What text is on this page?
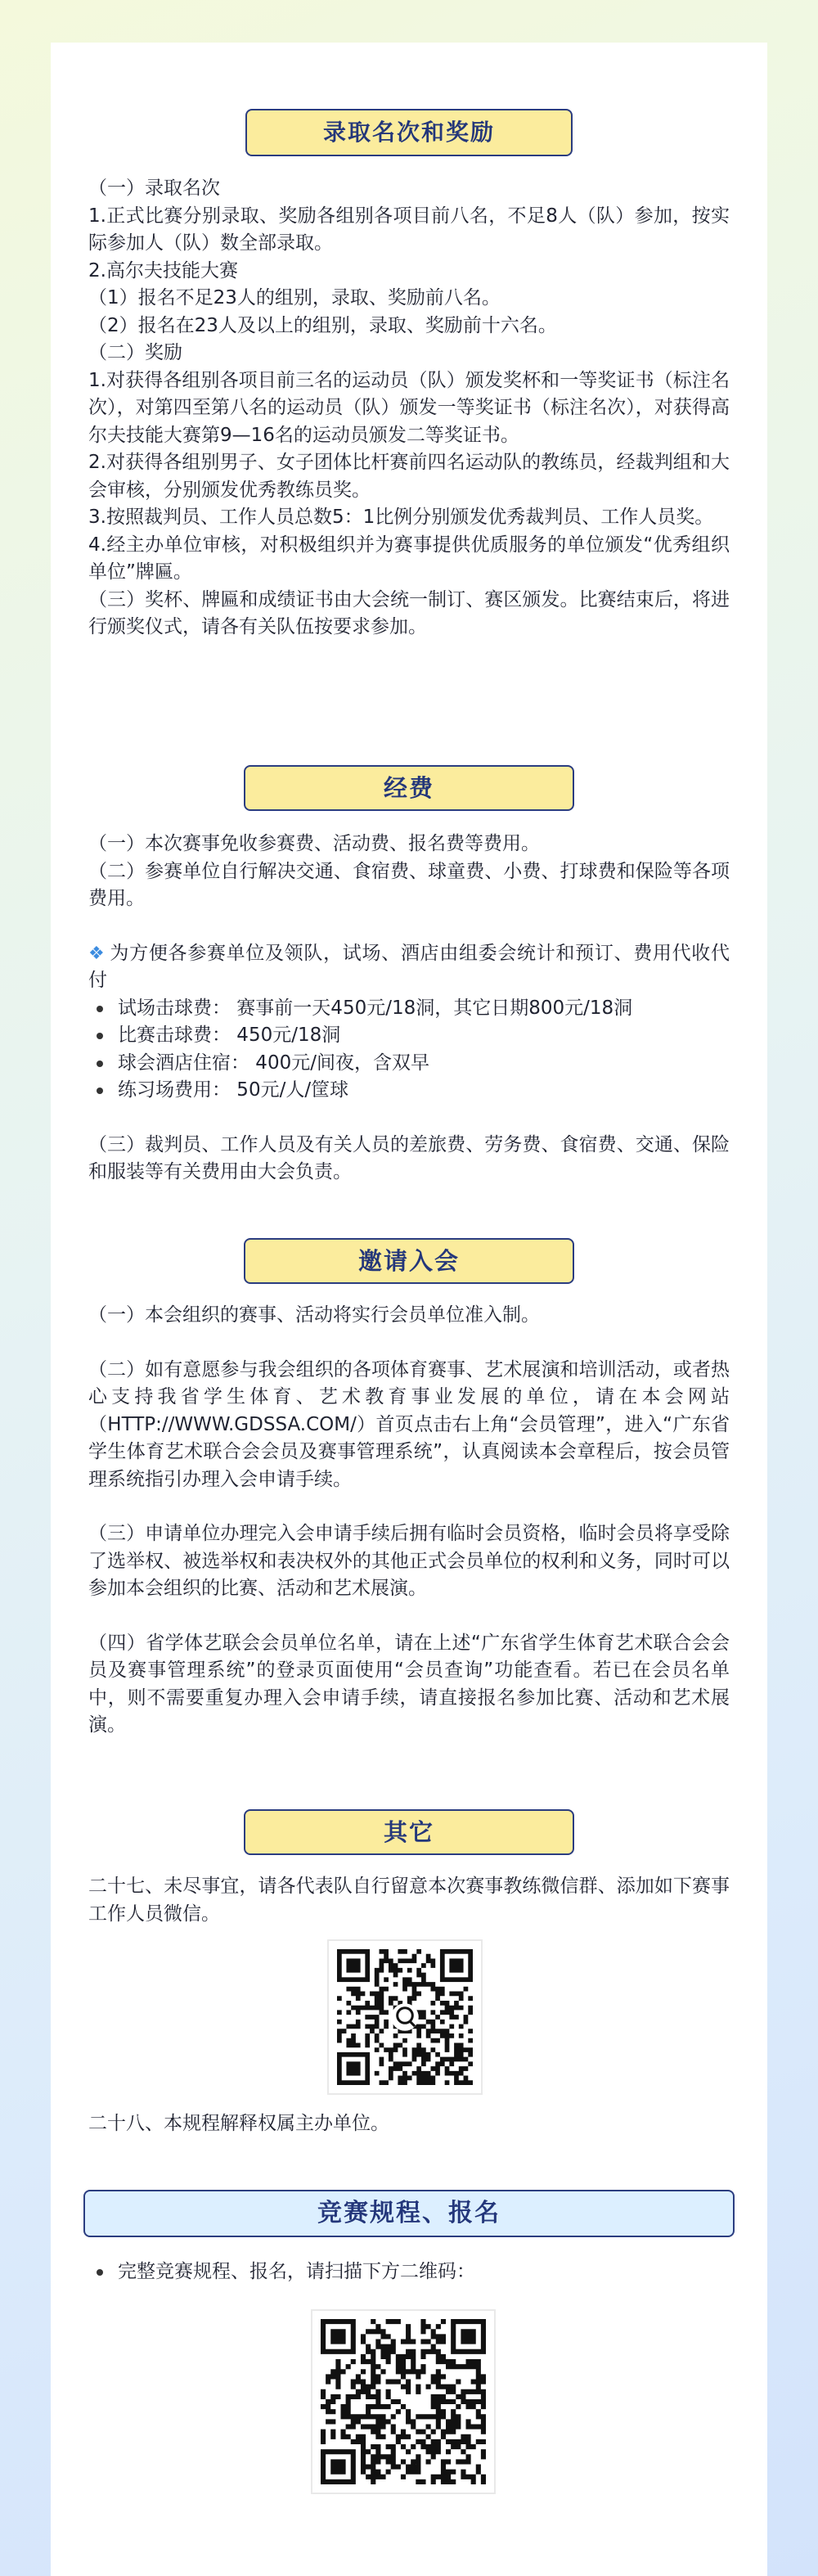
录取名次和奖励
（一）录取名次
1.正式比赛分别录取、奖励各组别各项目前八名，不足8人（队）参加，按实际参加人（队）数全部录取。
2.高尔夫技能大赛
（1）报名不足23人的组别，录取、奖励前八名。
（2）报名在23人及以上的组别，录取、奖励前十六名。
（二）奖励
1.对获得各组别各项目前三名的运动员（队）颁发奖杯和一等奖证书（标注名次），对第四至第八名的运动员（队）颁发一等奖证书（标注名次），对获得高尔夫技能大赛第9—16名的运动员颁发二等奖证书。
2.对获得各组别男子、女子团体比杆赛前四名运动队的教练员，经裁判组和大会审核，分别颁发优秀教练员奖。
3.按照裁判员、工作人员总数5：1比例分别颁发优秀裁判员、工作人员奖。
4.经主办单位审核，对积极组织并为赛事提供优质服务的单位颁发“优秀组织单位”牌匾。
（三）奖杯、牌匾和成绩证书由大会统一制订、赛区颁发。比赛结束后，将进行颁奖仪式，请各有关队伍按要求参加。
经费
（一）本次赛事免收参赛费、活动费、报名费等费用。
（二）参赛单位自行解决交通、食宿费、球童费、小费、打球费和保险等各项费用。
❖ 为方便各参赛单位及领队，试场、酒店由组委会统计和预订、费用代收代付
试场击球费： 赛事前一天450元/18洞，其它日期800元/18洞
比赛击球费： 450元/18洞
球会酒店住宿： 400元/间夜，含双早
练习场费用： 50元/人/筐球
（三）裁判员、工作人员及有关人员的差旅费、劳务费、食宿费、交通、保险和服装等有关费用由大会负责。
邀请入会
（一）本会组织的赛事、活动将实行会员单位准入制。
（二）如有意愿参与我会组织的各项体育赛事、艺术展演和培训活动，或者热心支持我省学生体育、艺术教育事业发展的单位，请在本会网站（HTTP://WWW.GDSSA.COM/）首页点击右上角“会员管理”，进入“广东省学生体育艺术联合会会员及赛事管理系统”，认真阅读本会章程后，按会员管理系统指引办理入会申请手续。
（三）申请单位办理完入会申请手续后拥有临时会员资格，临时会员将享受除了选举权、被选举权和表决权外的其他正式会员单位的权利和义务，同时可以参加本会组织的比赛、活动和艺术展演。
（四）省学体艺联会会员单位名单，请在上述“广东省学生体育艺术联合会会员及赛事管理系统”的登录页面使用“会员查询”功能查看。若已在会员名单中，则不需要重复办理入会申请手续，请直接报名参加比赛、活动和艺术展演。
其它
二十七、未尽事宜，请各代表队自行留意本次赛事教练微信群、添加如下赛事工作人员微信。
二十八、本规程解释权属主办单位。
竞赛规程、报名
完整竞赛规程、报名，请扫描下方二维码：
